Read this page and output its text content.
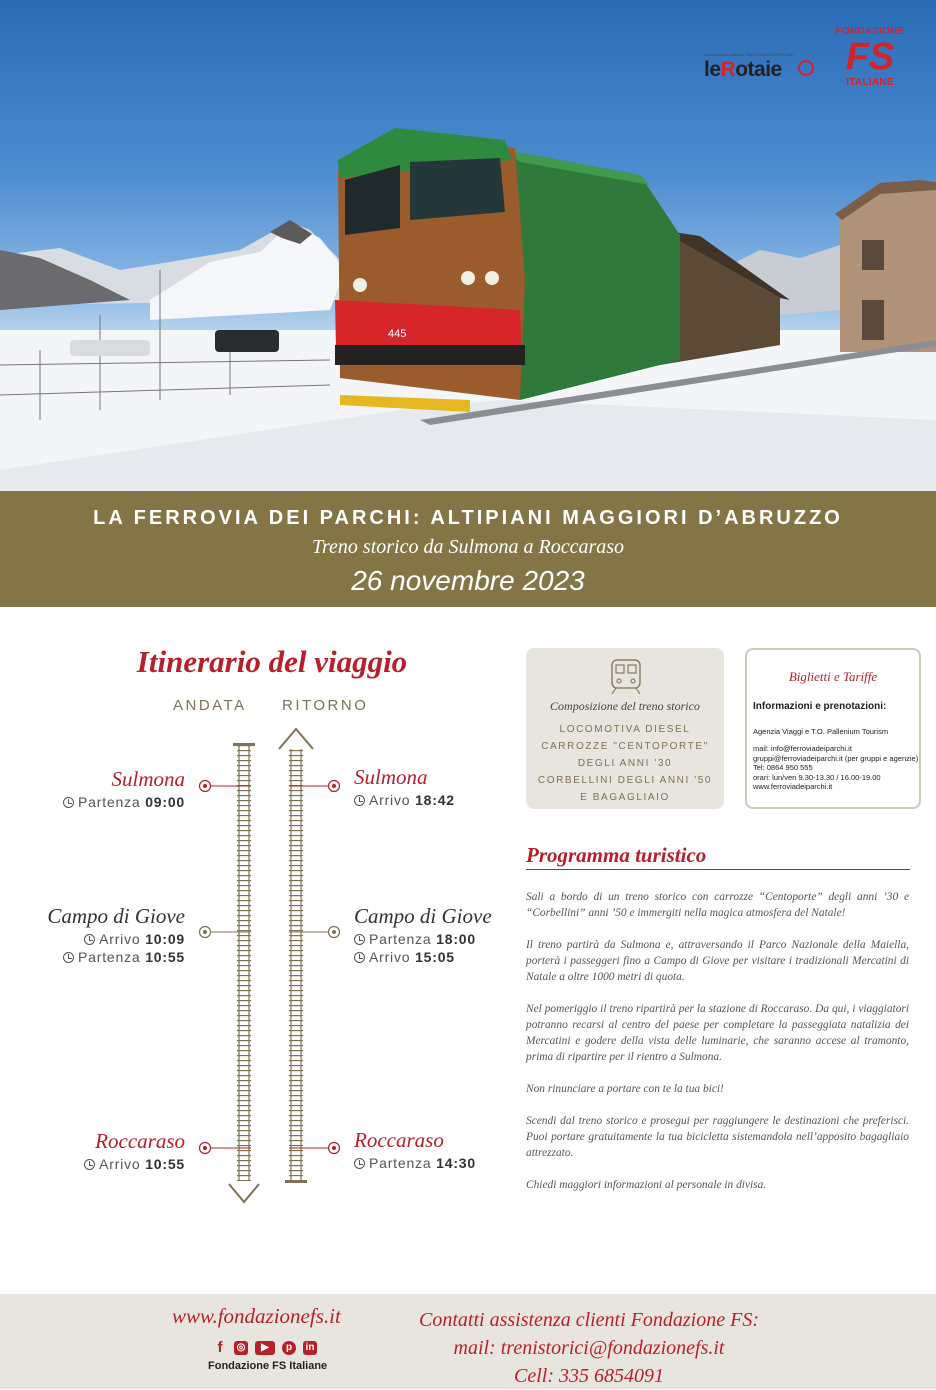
445
Associazione culturale "AMICI DELLA FERROVIA"
leRotaie
FONDAZIONE
FS
ITALIANE
LA FERROVIA DEI PARCHI: ALTIPIANI MAGGIORI D’ABRUZZO
Treno storico da Sulmona a Roccaraso
26 novembre 2023
Itinerario del viaggio
ANDATA RITORNO
Sulmona
Partenza 09:00
Campo di Giove
Arrivo 10:09
Partenza 10:55
Roccaraso
Arrivo 10:55
Sulmona
Arrivo 18:42
Campo di Giove
Partenza 18:00
Arrivo 15:05
Roccaraso
Partenza 14:30
Composizione del treno storico
LOCOMOTIVA DIESEL
CARROZZE "CENTOPORTE"
DEGLI ANNI '30
CORBELLINI DEGLI ANNI '50
E BAGAGLIAIO
Biglietti e Tariffe
Informazioni e prenotazioni:
Agenzia Viaggi e T.O. Pallenium Tourism
mail: info@ferroviadeiparchi.it
gruppi@ferroviadeiparchi.it (per gruppi e agenzie)
Tel: 0864 950 555
orari: lun/ven 9.30-13.30 / 16.00-19.00
www.ferroviadeiparchi.it
Programma turistico

Sali a bordo di un treno storico con carrozze “Centoporte” degli anni ’30 e “Corbellini” anni ’50 e immergiti nella magica atmosfera del Natale!

Il treno partirà da Sulmona e, attraversando il Parco Nazionale della Maiella, porterà i passeggeri fino a Campo di Giove per visitare i tradizionali Mercatini di Natale a oltre 1000 metri di quota.

Nel pomeriggio il treno ripartirà per la stazione di Roccaraso. Da qui, i viaggiatori potranno recarsi al centro del paese per completare la passeggiata natalizia dei Mercatini e godere della vista delle luminarie, che saranno accese al tramonto, prima di ripartire per il rientro a Sulmona.

Non rinunciare a portare con te la tua bici!

Scendi dal treno storico e prosegui per raggiungere le destinazioni che preferisci. Puoi portare gratuitamente la tua bicicletta sistemandola nell’apposito bagagliaio attrezzato.

Chiedi maggiori informazioni al personale in divisa.

www.fondazionefs.it
f ◎ ▶ p in
Fondazione FS Italiane
Contatti assistenza clienti Fondazione FS:
mail: trenistorici@fondazionefs.it
Cell: 335 6854091
